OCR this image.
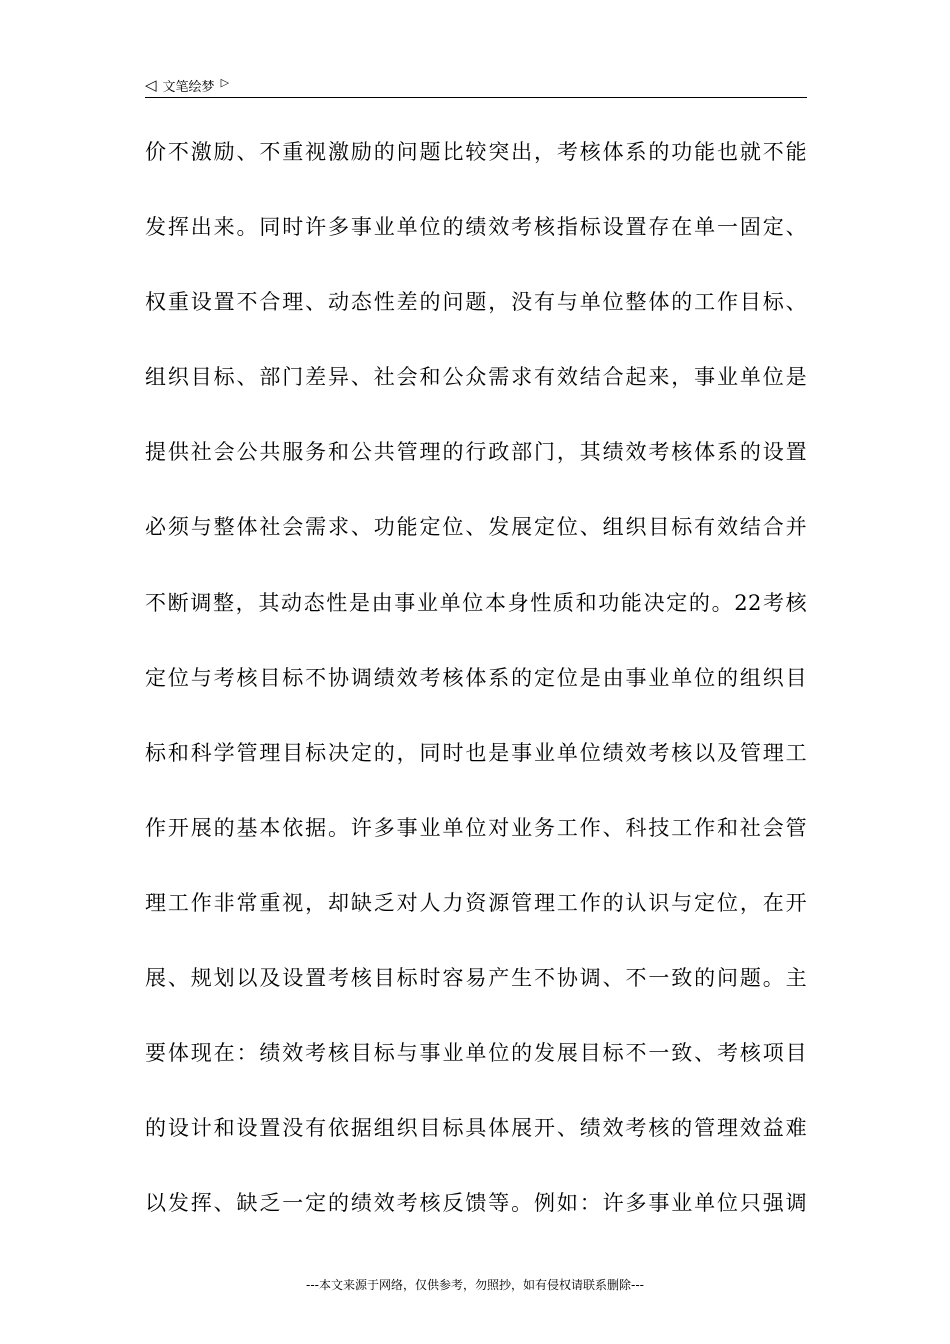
◁ 文笔绘梦 ▷
价不激励、不重视激励的问题比较突出，考核体系的功能也就不能
发挥出来。同时许多事业单位的绩效考核指标设置存在单一固定、
权重设置不合理、动态性差的问题，没有与单位整体的工作目标、
组织目标、部门差异、社会和公众需求有效结合起来，事业单位是
提供社会公共服务和公共管理的行政部门，其绩效考核体系的设置
必须与整体社会需求、功能定位、发展定位、组织目标有效结合并
不断调整，其动态性是由事业单位本身性质和功能决定的。22考核
定位与考核目标不协调绩效考核体系的定位是由事业单位的组织目
标和科学管理目标决定的，同时也是事业单位绩效考核以及管理工
作开展的基本依据。许多事业单位对业务工作、科技工作和社会管
理工作非常重视，却缺乏对人力资源管理工作的认识与定位，在开
展、规划以及设置考核目标时容易产生不协调、不一致的问题。主
要体现在：绩效考核目标与事业单位的发展目标不一致、考核项目
的设计和设置没有依据组织目标具体展开、绩效考核的管理效益难
以发挥、缺乏一定的绩效考核反馈等。例如：许多事业单位只强调
---本文来源于网络，仅供参考，勿照抄，如有侵权请联系删除---
